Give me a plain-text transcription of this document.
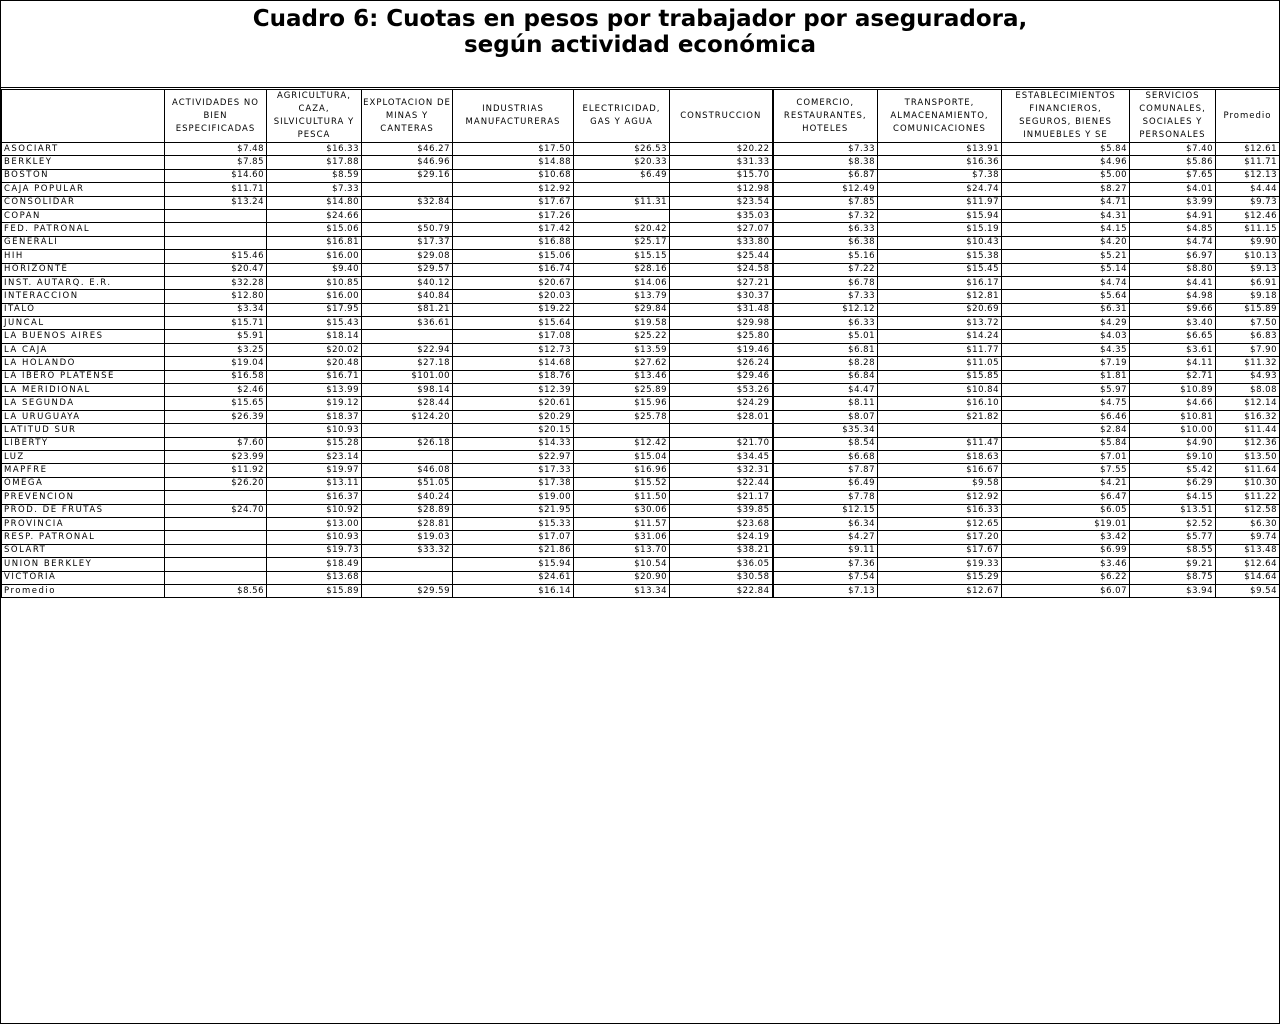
Cuadro 6: Cuotas en pesos por trabajador por aseguradora,
según actividad económica
	ACTIVIDADES NO BIEN ESPECIFICADAS	AGRICULTURA, CAZA, SILVICULTURA Y PESCA	EXPLOTACION DE MINAS Y CANTERAS	INDUSTRIAS MANUFACTURERAS	ELECTRICIDAD, GAS Y AGUA	CONSTRUCCION	COMERCIO, RESTAURANTES, HOTELES	TRANSPORTE, ALMACENAMIENTO, COMUNICACIONES	ESTABLECIMIENTOS FINANCIEROS, SEGUROS, BIENES INMUEBLES Y SE	SERVICIOS COMUNALES, SOCIALES Y PERSONALES	Promedio
ASOCIART	$7.48	$16.33	$46.27	$17.50	$26.53	$20.22	$7.33	$13.91	$5.84	$7.40	$12.61
BERKLEY	$7.85	$17.88	$46.96	$14.88	$20.33	$31.33	$8.38	$16.36	$4.96	$5.86	$11.71
BOSTON	$14.60	$8.59	$29.16	$10.68	$6.49	$15.70	$6.87	$7.38	$5.00	$7.65	$12.13
CAJA POPULAR	$11.71	$7.33		$12.92		$12.98	$12.49	$24.74	$8.27	$4.01	$4.44
CONSOLIDAR	$13.24	$14.80	$32.84	$17.67	$11.31	$23.54	$7.85	$11.97	$4.71	$3.99	$9.73
COPAN		$24.66		$17.26		$35.03	$7.32	$15.94	$4.31	$4.91	$12.46
FED. PATRONAL		$15.06	$50.79	$17.42	$20.42	$27.07	$6.33	$15.19	$4.15	$4.85	$11.15
GENERALI		$16.81	$17.37	$16.88	$25.17	$33.80	$6.38	$10.43	$4.20	$4.74	$9.90
HIH	$15.46	$16.00	$29.08	$15.06	$15.15	$25.44	$5.16	$15.38	$5.21	$6.97	$10.13
HORIZONTE	$20.47	$9.40	$29.57	$16.74	$28.16	$24.58	$7.22	$15.45	$5.14	$8.80	$9.13
INST. AUTARQ. E.R.	$32.28	$10.85	$40.12	$20.67	$14.06	$27.21	$6.78	$16.17	$4.74	$4.41	$6.91
INTERACCION	$12.80	$16.00	$40.84	$20.03	$13.79	$30.37	$7.33	$12.81	$5.64	$4.98	$9.18
ITALO	$3.34	$17.95	$81.21	$19.22	$29.84	$31.48	$12.12	$20.69	$6.31	$9.66	$15.89
JUNCAL	$15.71	$15.43	$36.61	$15.64	$19.58	$29.98	$6.33	$13.72	$4.29	$3.40	$7.50
LA BUENOS AIRES	$5.91	$18.14		$17.08	$25.22	$25.80	$5.01	$14.24	$4.03	$6.65	$6.83
LA CAJA	$3.25	$20.02	$22.94	$12.73	$13.59	$19.46	$6.81	$11.77	$4.35	$3.61	$7.90
LA HOLANDO	$19.04	$20.48	$27.18	$14.68	$27.62	$26.24	$8.28	$11.05	$7.19	$4.11	$11.32
LA IBERO PLATENSE	$16.58	$16.71	$101.00	$18.76	$13.46	$29.46	$6.84	$15.85	$1.81	$2.71	$4.93
LA MERIDIONAL	$2.46	$13.99	$98.14	$12.39	$25.89	$53.26	$4.47	$10.84	$5.97	$10.89	$8.08
LA SEGUNDA	$15.65	$19.12	$28.44	$20.61	$15.96	$24.29	$8.11	$16.10	$4.75	$4.66	$12.14
LA URUGUAYA	$26.39	$18.37	$124.20	$20.29	$25.78	$28.01	$8.07	$21.82	$6.46	$10.81	$16.32
LATITUD SUR		$10.93		$20.15			$35.34		$2.84	$10.00	$11.44
LIBERTY	$7.60	$15.28	$26.18	$14.33	$12.42	$21.70	$8.54	$11.47	$5.84	$4.90	$12.36
LUZ	$23.99	$23.14		$22.97	$15.04	$34.45	$6.68	$18.63	$7.01	$9.10	$13.50
MAPFRE	$11.92	$19.97	$46.08	$17.33	$16.96	$32.31	$7.87	$16.67	$7.55	$5.42	$11.64
OMEGA	$26.20	$13.11	$51.05	$17.38	$15.52	$22.44	$6.49	$9.58	$4.21	$6.29	$10.30
PREVENCION		$16.37	$40.24	$19.00	$11.50	$21.17	$7.78	$12.92	$6.47	$4.15	$11.22
PROD. DE FRUTAS	$24.70	$10.92	$28.89	$21.95	$30.06	$39.85	$12.15	$16.33	$6.05	$13.51	$12.58
PROVINCIA		$13.00	$28.81	$15.33	$11.57	$23.68	$6.34	$12.65	$19.01	$2.52	$6.30
RESP. PATRONAL		$10.93	$19.03	$17.07	$31.06	$24.19	$4.27	$17.20	$3.42	$5.77	$9.74
SOLART		$19.73	$33.32	$21.86	$13.70	$38.21	$9.11	$17.67	$6.99	$8.55	$13.48
UNION BERKLEY		$18.49		$15.94	$10.54	$36.05	$7.36	$19.33	$3.46	$9.21	$12.64
VICTORIA		$13.68		$24.61	$20.90	$30.58	$7.54	$15.29	$6.22	$8.75	$14.64
Promedio	$8.56	$15.89	$29.59	$16.14	$13.34	$22.84	$7.13	$12.67	$6.07	$3.94	$9.54
